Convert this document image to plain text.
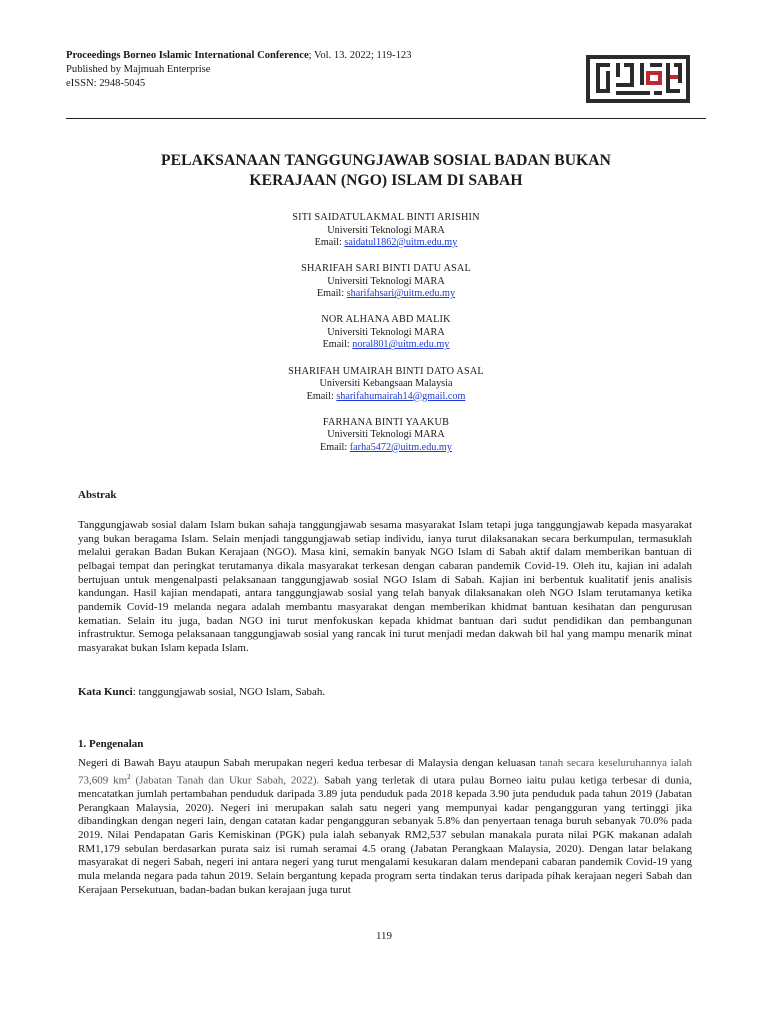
Proceedings Borneo Islamic International Conference; Vol. 13. 2022; 119-123
Published by Majmuah Enterprise
eISSN: 2948-5045
PELAKSANAAN TANGGUNGJAWAB SOSIAL BADAN BUKAN
KERAJAAN (NGO) ISLAM DI SABAH
SITI SAIDATULAKMAL BINTI ARISHIN
Universiti Teknologi MARA
Email: saidatul1862@uitm.edu.my
SHARIFAH SARI BINTI DATU ASAL
Universiti Teknologi MARA
Email: sharifahsari@uitm.edu.my
NOR ALHANA ABD MALIK
Universiti Teknologi MARA
Email: noral801@uitm.edu.my
SHARIFAH UMAIRAH BINTI DATO ASAL
Universiti Kebangsaan Malaysia
Email: sharifahumairah14@gmail.com
FARHANA BINTI YAAKUB
Universiti Teknologi MARA
Email: farha5472@uitm.edu.my
Abstrak
Tanggungjawab sosial dalam Islam bukan sahaja tanggungjawab sesama masyarakat Islam tetapi juga tanggungjawab kepada masyarakat yang bukan beragama Islam. Selain menjadi tanggungjawab setiap individu, ianya turut dilaksanakan secara berkumpulan, termasuklah melalui gerakan Badan Bukan Kerajaan (NGO). Masa kini, semakin banyak NGO Islam di Sabah aktif dalam memberikan bantuan di pelbagai tempat dan peringkat terutamanya dikala masyarakat terkesan dengan cabaran pandemik Covid-19. Oleh itu, kajian ini adalah bertujuan untuk mengenalpasti pelaksanaan tanggungjawab sosial NGO Islam di Sabah. Kajian ini berbentuk kualitatif jenis analisis kandungan. Hasil kajian mendapati, antara tanggungjawab sosial yang telah banyak dilaksanakan oleh NGO Islam terutamanya ketika pandemik Covid-19 melanda negara adalah membantu masyarakat dengan memberikan khidmat bantuan kesihatan dan pengurusan kematian. Selain itu juga, badan NGO ini turut menfokuskan kepada khidmat bantuan dari sudut pendidikan dan pembangunan infrastruktur. Semoga pelaksanaan tanggungjawab sosial yang rancak ini turut menjadi medan dakwah bil hal yang mampu menarik minat masyarakat bukan Islam kepada Islam.
Kata Kunci: tanggungjawab sosial, NGO Islam, Sabah.
1. Pengenalan
Negeri di Bawah Bayu ataupun Sabah merupakan negeri kedua terbesar di Malaysia dengan keluasan tanah secara keseluruhannya ialah 73,609 $km^2$ (Jabatan Tanah dan Ukur Sabah, 2022). Sabah yang terletak di utara pulau Borneo iaitu pulau ketiga terbesar di dunia, mencatatkan jumlah pertambahan penduduk daripada 3.89 juta penduduk pada 2018 kepada 3.90 juta penduduk pada tahun 2019 (Jabatan Perangkaan Malaysia, 2020). Negeri ini merupakan salah satu negeri yang mempunyai kadar pengangguran yang tertinggi jika dibandingkan dengan negeri lain, dengan catatan kadar pengangguran sebanyak 5.8% dan penyertaan tenaga buruh sebanyak 70.0% pada 2019. Nilai Pendapatan Garis Kemiskinan (PGK) pula ialah sebanyak RM2,537 sebulan manakala purata nilai PGK makanan adalah RM1,179 sebulan berdasarkan purata saiz isi rumah seramai 4.5 orang (Jabatan Perangkaan Malaysia, 2020). Dengan latar belakang masyarakat di negeri Sabah, negeri ini antara negeri yang turut mengalami kesukaran dalam mendepani cabaran pandemik Covid-19 yang mula melanda negara pada tahun 2019. Selain bergantung kepada program serta tindakan terus daripada pihak kerajaan negeri Sabah dan Kerajaan Persekutuan, badan-badan bukan kerajaan juga turut
119
